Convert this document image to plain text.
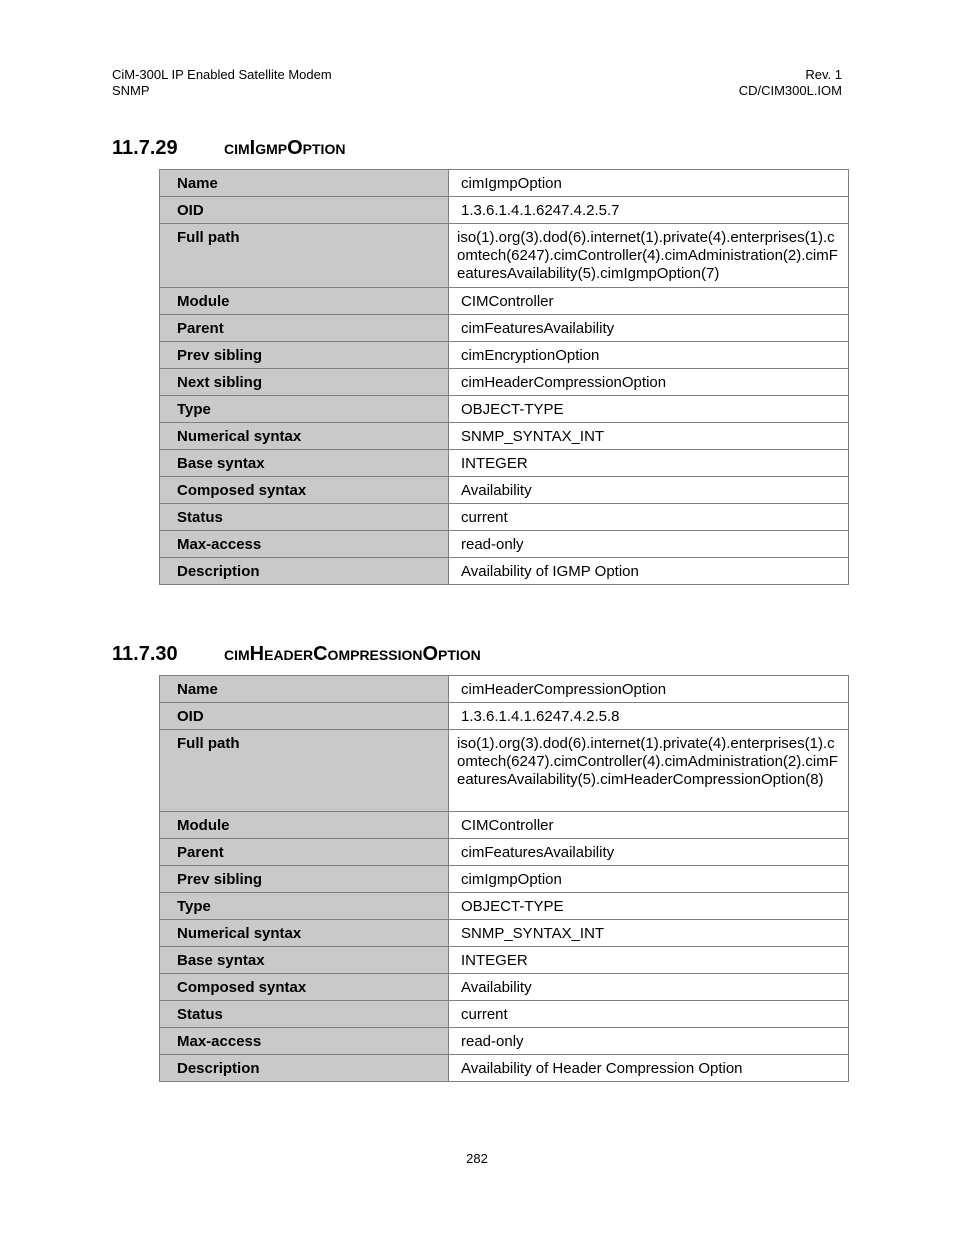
CiM-300L IP Enabled Satellite Modem
SNMP
Rev. 1
CD/CIM300L.IOM
11.7.29	cimIgmpOption
Name	cimIgmpOption
OID	1.3.6.1.4.1.6247.4.2.5.7
Full path	iso(1).org(3).dod(6).internet(1).private(4).enterprises(1).comtech(6247).cimController(4).cimAdministration(2).cimFeaturesAvailability(5).cimIgmpOption(7)
Module	CIMController
Parent	cimFeaturesAvailability
Prev sibling	cimEncryptionOption
Next sibling	cimHeaderCompressionOption
Type	OBJECT-TYPE
Numerical syntax	SNMP_SYNTAX_INT
Base syntax	INTEGER
Composed syntax	Availability
Status	current
Max-access	read-only
Description	Availability of IGMP Option
11.7.30	cimHeaderCompressionOption
Name	cimHeaderCompressionOption
OID	1.3.6.1.4.1.6247.4.2.5.8
Full path	iso(1).org(3).dod(6).internet(1).private(4).enterprises(1).comtech(6247).cimController(4).cimAdministration(2).cimFeaturesAvailability(5).cimHeaderCompressionOption(8)
Module	CIMController
Parent	cimFeaturesAvailability
Prev sibling	cimIgmpOption
Type	OBJECT-TYPE
Numerical syntax	SNMP_SYNTAX_INT
Base syntax	INTEGER
Composed syntax	Availability
Status	current
Max-access	read-only
Description	Availability of Header Compression Option
282
